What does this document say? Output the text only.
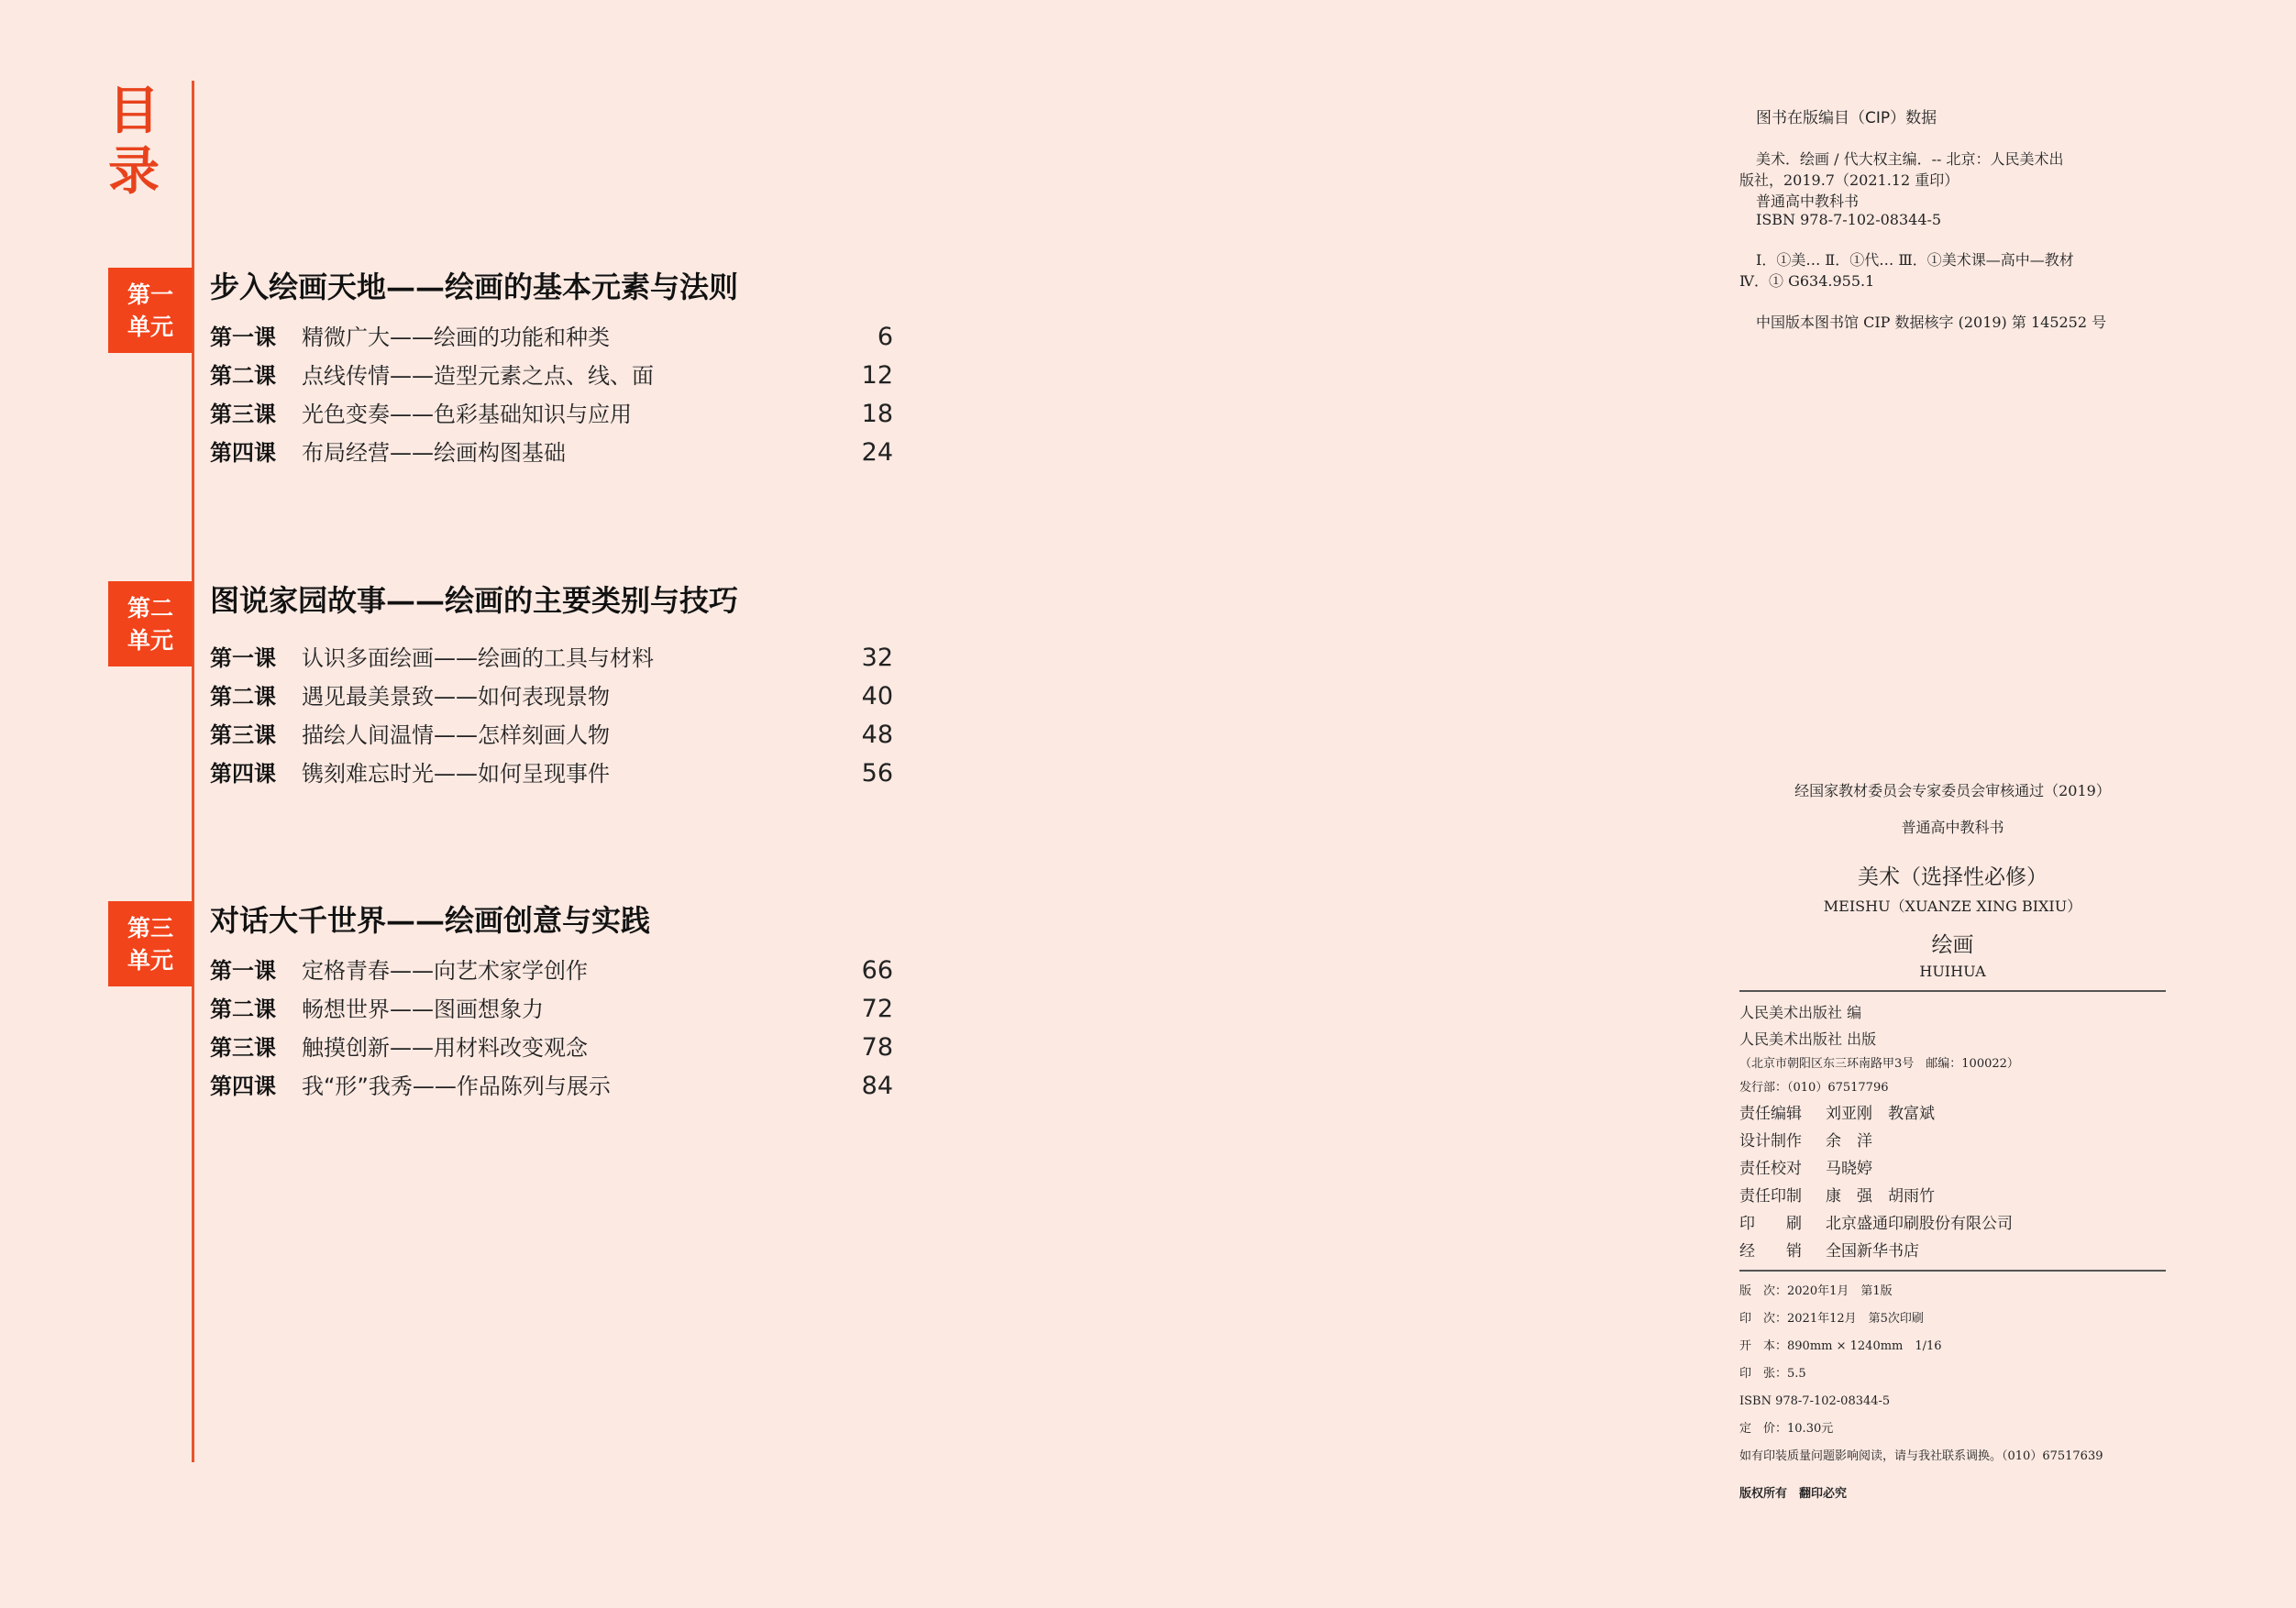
目
录
第一
单元
步入绘画天地——绘画的基本元素与法则
第一课 精微广大——绘画的功能和种类	6
第二课 点线传情——造型元素之点、线、面	12
第三课 光色变奏——色彩基础知识与应用	18
第四课 布局经营——绘画构图基础	24
第二
单元
图说家园故事——绘画的主要类别与技巧
第一课 认识多面绘画——绘画的工具与材料	32
第二课 遇见最美景致——如何表现景物	40
第三课 描绘人间温情——怎样刻画人物	48
第四课 镌刻难忘时光——如何呈现事件	56
第三
单元
对话大千世界——绘画创意与实践
第一课 定格青春——向艺术家学创作	66
第二课 畅想世界——图画想象力	72
第三课 触摸创新——用材料改变观念	78
第四课 我“形”我秀——作品陈列与展示	84
图书在版编目（CIP）数据
美术．绘画 / 代大权主编．-- 北京：人民美术出
版社，2019.7（2021.12 重印）
普通高中教科书
ISBN 978-7-102-08344-5
Ⅰ．①美… Ⅱ．①代… Ⅲ．①美术课—高中—教材
Ⅳ．① G634.955.1
中国版本图书馆 CIP 数据核字 (2019) 第 145252 号
经国家教材委员会专家委员会审核通过（2019）
普通高中教科书
美术（选择性必修）
MEISHU（XUANZE XING BIXIU）
绘画
HUIHUA
人民美术出版社 编
人民美术出版社 出版
（北京市朝阳区东三环南路甲3号　邮编：100022）
发行部：（010）67517796
责任编辑 刘亚刚　教富斌
设计制作 余　洋
责任校对 马晓婷
责任印制 康　强　胡雨竹
印　　刷 北京盛通印刷股份有限公司
经　　销 全国新华书店
版　次：2020年1月　第1版
印　次：2021年12月　第5次印刷
开　本：890mm × 1240mm　1/16
印　张：5.5
ISBN 978-7-102-08344-5
定　价：10.30元
如有印装质量问题影响阅读，请与我社联系调换。（010）67517639
版权所有　翻印必究
